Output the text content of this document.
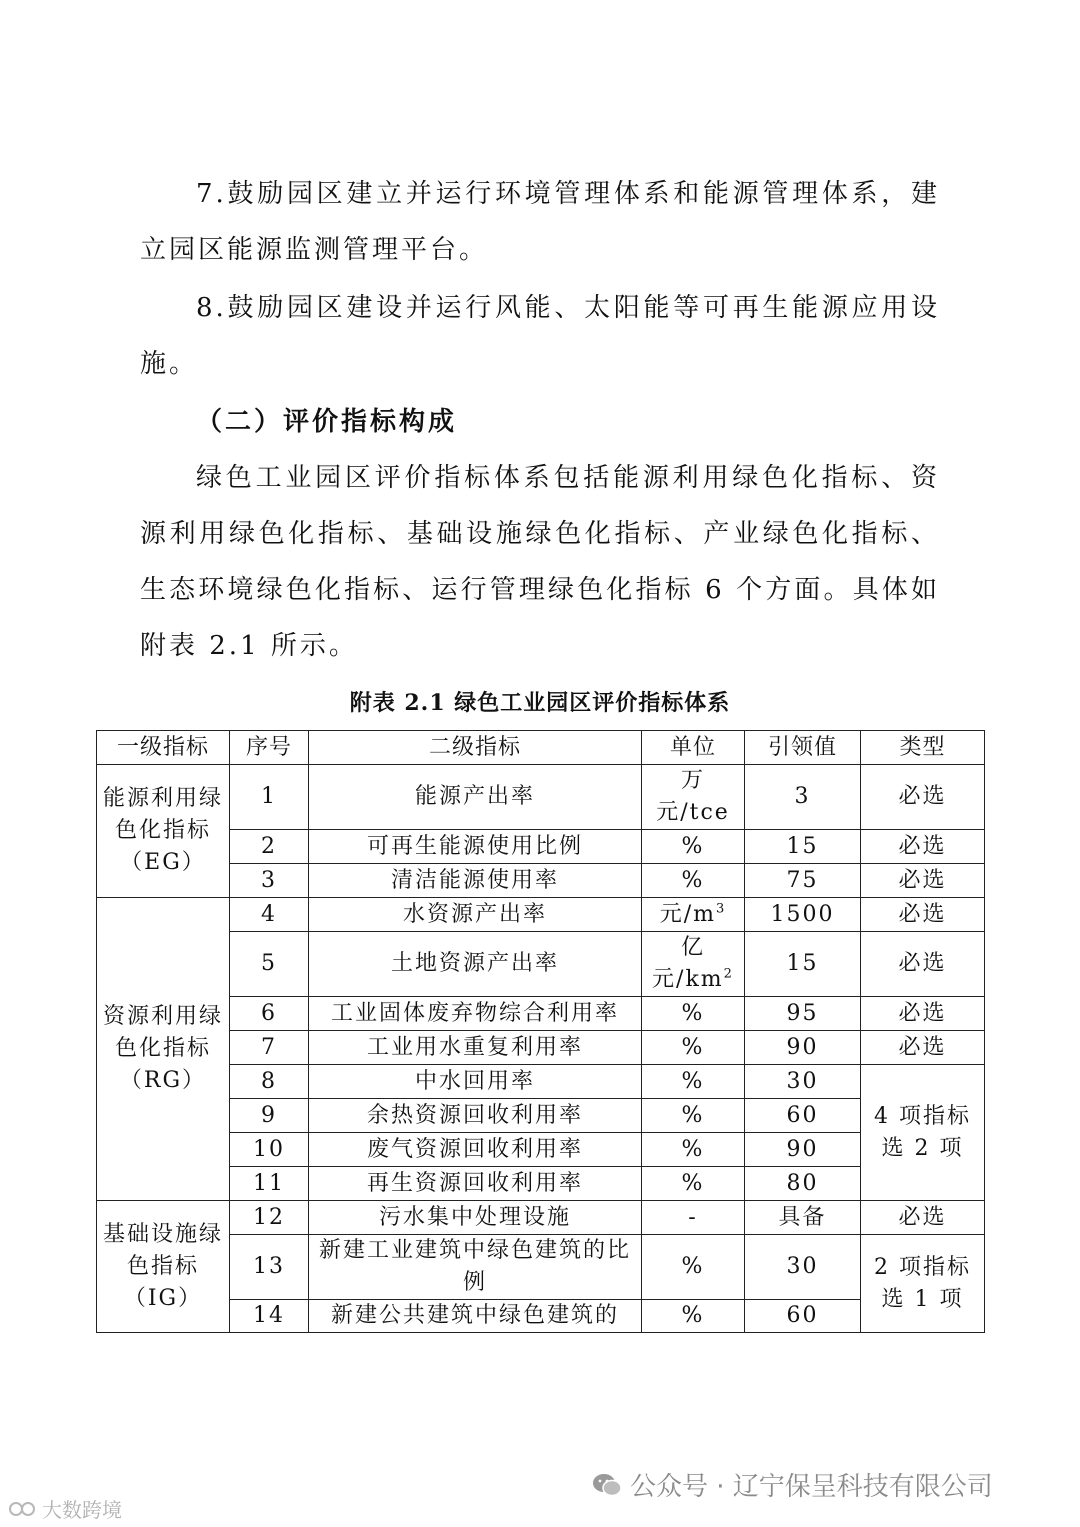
7.鼓励园区建立并运行环境管理体系和能源管理体系，建立园区能源监测管理平台。

8.鼓励园区建设并运行风能、太阳能等可再生能源应用设施。

（二）评价指标构成

绿色工业园区评价指标体系包括能源利用绿色化指标、资源利用绿色化指标、基础设施绿色化指标、产业绿色化指标、生态环境绿色化指标、运行管理绿色化指标 6 个方面。具体如附表 2.1 所示。

附表 2.1 绿色工业园区评价指标体系
一级指标	序号	二级指标	单位	引领值	类型
能源利用绿色化指标（EG）	1	能源产出率	万元/tce	3	必选
	2	可再生能源使用比例	%	15	必选
	3	清洁能源使用率	%	75	必选
资源利用绿色化指标（RG）	4	水资源产出率	元$/m^3$	1500	必选
	5	土地资源产出率	亿元$/km^2$	15	必选
	6	工业固体废弃物综合利用率	%	95	必选
	7	工业用水重复利用率	%	90	必选
	8	中水回用率	%	30	4 项指标选 2 项
	9	余热资源回收利用率	%	60	
	10	废气资源回收利用率	%	90	
	11	再生资源回收利用率	%	80	
基础设施绿色指标（IG）	12	污水集中处理设施	-	具备	必选
	13	新建工业建筑中绿色建筑的比例	%	30	2 项指标选 1 项
	14	新建公共建筑中绿色建筑的	%	60	
公众号 · 辽宁保呈科技有限公司
大数跨境
